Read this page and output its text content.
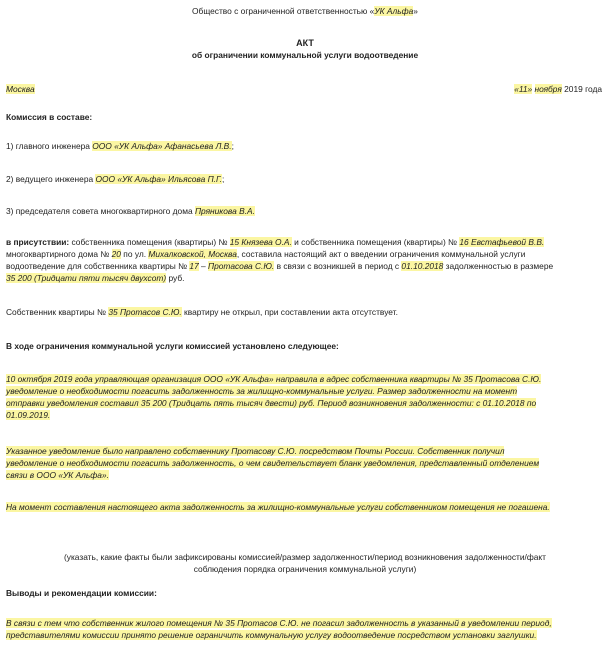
Общество с ограниченной ответственностью «УК Альфа»
АКТ
об ограничении коммунальной услуги водоотведение
Москва	«11» ноября 2019 года
Комиссия в составе:
1) главного инженера ООО «УК Альфа» Афанасьева Л.В.;
2) ведущего инженера ООО «УК Альфа» Ильясова П.Г.;
3) председателя совета многоквартирного дома Пряникова В.А.
в присутствии: собственника помещения (квартиры) № 15 Князева О.А. и собственника помещения (квартиры) № 16 Евстафьевой В.В.
многоквартирного дома № 20 по ул. Михалковской, Москва, составила настоящий акт о введении ограничения коммунальной услуги
водоотведение для собственника квартиры № 17 – Протасова С.Ю. в связи с возникшей в период с 01.10.2018 задолженностью в размере
35 200 (Тридцати пяти тысяч двухсот) руб.
Собственник квартиры № 35 Протасов С.Ю. квартиру не открыл, при составлении акта отсутствует.
В ходе ограничения коммунальной услуги комиссией установлено следующее:
10 октября 2019 года управляющая организация ООО «УК Альфа» направила в адрес собственника квартиры № 35 Протасова С.Ю.
уведомление о необходимости погасить задолженность за жилищно-коммунальные услуги. Размер задолженности на момент
отправки уведомления составил 35 200 (Тридцать пять тысяч двести) руб. Период возникновения задолженности: с 01.10.2018 по
01.09.2019.
Указанное уведомление было направлено собственнику Протасову С.Ю. посредством Почты России. Собственник получил
уведомление о необходимости погасить задолженность, о чем свидетельствует бланк уведомления, представленный отделением
связи в ООО «УК Альфа».
На момент составления настоящего акта задолженность за жилищно-коммунальные услуги собственником помещения не погашена.
(указать, какие факты были зафиксированы комиссией/размер задолженности/период возникновения задолженности/факт
соблюдения порядка ограничения коммунальной услуги)
Выводы и рекомендации комиссии:
В связи с тем что собственник жилого помещения № 35 Протасов С.Ю. не погасил задолженность в указанный в уведомлении период,
представителями комиссии принято решение ограничить коммунальную услугу водоотведение посредством установки заглушки.
